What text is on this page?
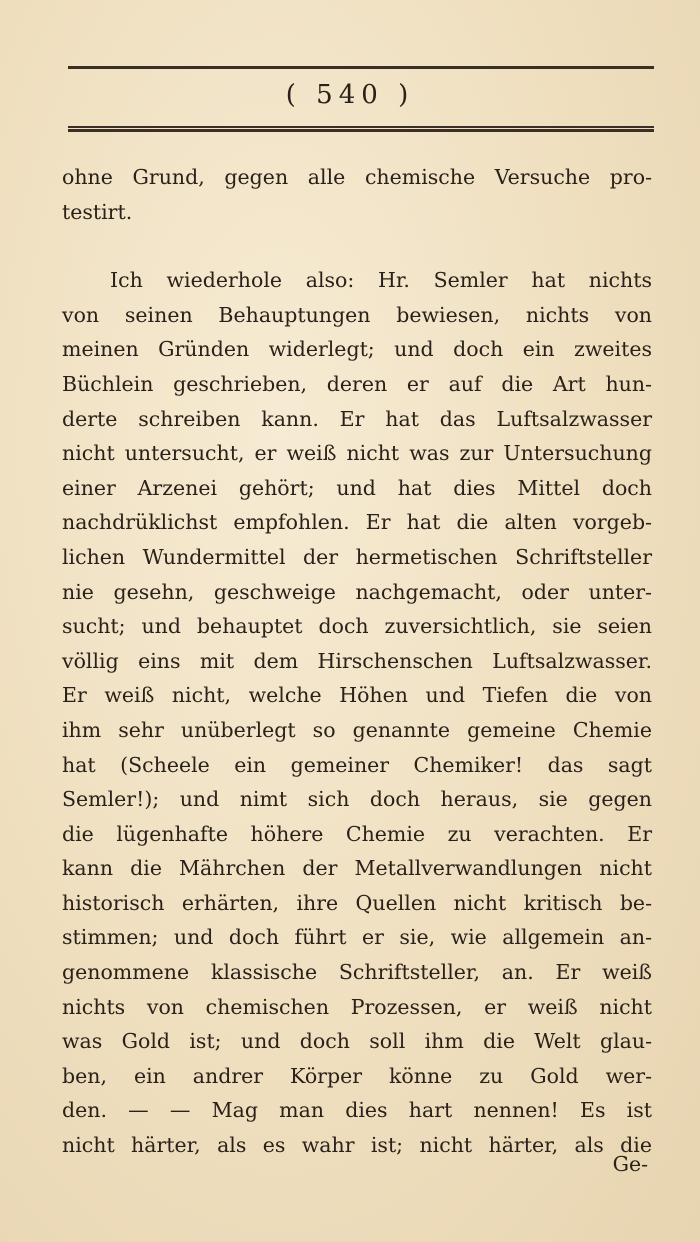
( 540 )
ohne Grund, gegen alle chemische Versuche pro-
testirt.
Ich wiederhole also: Hr. Semler hat nichts
von seinen Behauptungen bewiesen, nichts von
meinen Gründen widerlegt; und doch ein zweites
Büchlein geschrieben, deren er auf die Art hun-
derte schreiben kann. Er hat das Luftsalzwasser
nicht untersucht, er weiß nicht was zur Untersuchung
einer Arzenei gehört; und hat dies Mittel doch
nachdrüklichst empfohlen. Er hat die alten vorgeb-
lichen Wundermittel der hermetischen Schriftsteller
nie gesehn, geschweige nachgemacht, oder unter-
sucht; und behauptet doch zuversichtlich, sie seien
völlig eins mit dem Hirschenschen Luftsalzwasser.
Er weiß nicht, welche Höhen und Tiefen die von
ihm sehr unüberlegt so genannte gemeine Chemie
hat (Scheele ein gemeiner Chemiker! das sagt
Semler!); und nimt sich doch heraus, sie gegen
die lügenhafte höhere Chemie zu verachten. Er
kann die Mährchen der Metallverwandlungen nicht
historisch erhärten, ihre Quellen nicht kritisch be-
stimmen; und doch führt er sie, wie allgemein an-
genommene klassische Schriftsteller, an. Er weiß
nichts von chemischen Prozessen, er weiß nicht
was Gold ist; und doch soll ihm die Welt glau-
ben, ein andrer Körper könne zu Gold wer-
den. — — Mag man dies hart nennen! Es ist
nicht härter, als es wahr ist; nicht härter, als die
Ge-
